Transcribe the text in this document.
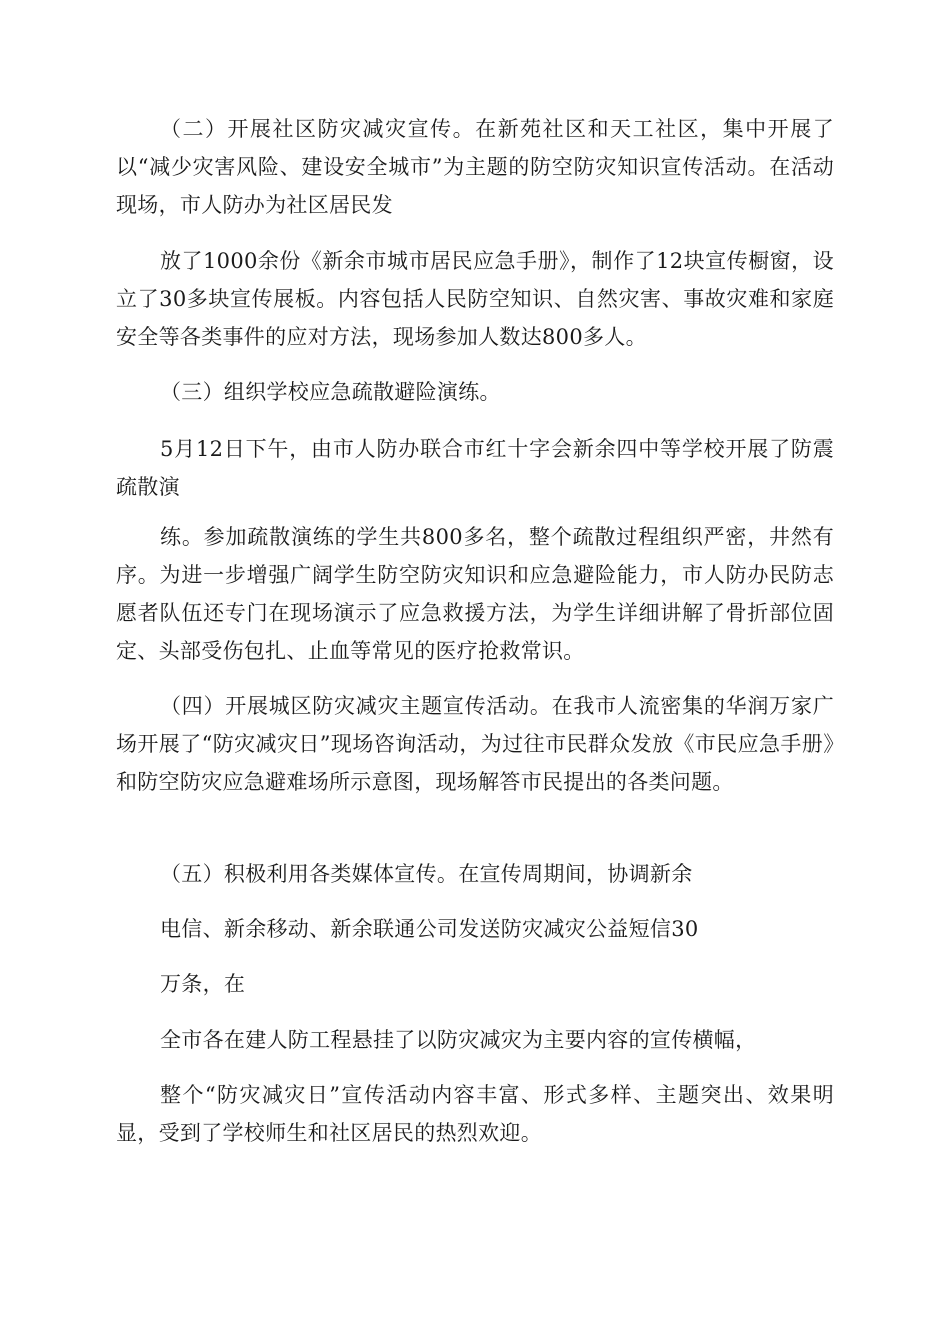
（二）开展社区防灾减灾宣传。在新苑社区和天工社区，集中开展了以“减少灾害风险、建设安全城市”为主题的防空防灾知识宣传活动。在活动现场，市人防办为社区居民发

放了1000余份《新余市城市居民应急手册》，制作了12块宣传橱窗，设立了30多块宣传展板。内容包括人民防空知识、自然灾害、事故灾难和家庭安全等各类事件的应对方法，现场参加人数达800多人。

（三）组织学校应急疏散避险演练。

5月12日下午，由市人防办联合市红十字会新余四中等学校开展了防震疏散演

练。参加疏散演练的学生共800多名，整个疏散过程组织严密，井然有序。为进一步增强广阔学生防空防灾知识和应急避险能力，市人防办民防志愿者队伍还专门在现场演示了应急救援方法，为学生详细讲解了骨折部位固定、头部受伤包扎、止血等常见的医疗抢救常识。

（四）开展城区防灾减灾主题宣传活动。在我市人流密集的华润万家广场开展了“防灾减灾日”现场咨询活动，为过往市民群众发放《市民应急手册》和防空防灾应急避难场所示意图，现场解答市民提出的各类问题。

（五）积极利用各类媒体宣传。在宣传周期间，协调新余

电信、新余移动、新余联通公司发送防灾减灾公益短信30

万条，在

全市各在建人防工程悬挂了以防灾减灾为主要内容的宣传横幅，

整个“防灾减灾日”宣传活动内容丰富、形式多样、主题突出、效果明显，受到了学校师生和社区居民的热烈欢迎。
